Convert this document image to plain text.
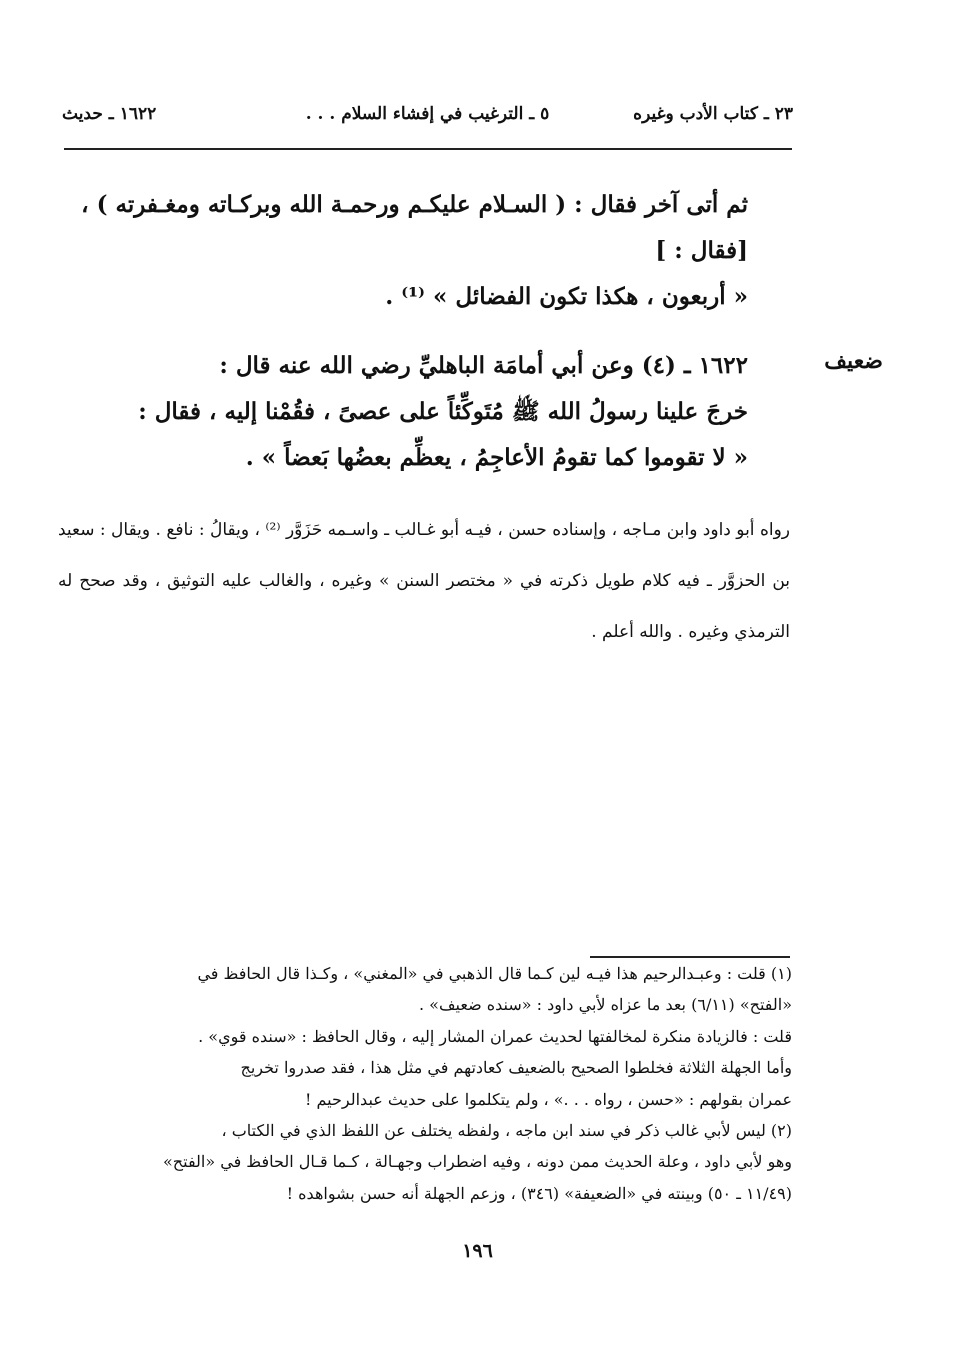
٢٣ ـ كتاب الأدب وغيره
٥ ـ الترغيب في إفشاء السلام . . .
١٦٢٢ ـ حديث
ثم أتى آخر فقال : ( السـلام عليكـم ورحمـة الله وبركـاته ومغـفرته ) ،
[فقال : ]
« أربعون ، هكذا تكون الفضائل » ⁽¹⁾ .
ضعيف
١٦٢٢ ـ (٤) وعن أبي أمامَة الباهليِّ رضي الله عنه قال :
خرجَ علينا رسولُ الله ﷺ مُتَوكِّئاً على عصىً ، فقُمْنا إليه ، فقال :
« لا تقوموا كما تقومُ الأعاجِمُ ، يعظِّم بعضُها بَعضاً » .
رواه أبو داود وابن مـاجه ، وإسناده حسن ، فيـه أبو غـالب ـ واسـمه حَزَوَّر ⁽²⁾ ، ويقالُ : نافع . ويقال : سعيد بن الحزوَّر ـ فيه كلام طويل ذكرته في « مختصر السنن » وغيره ، والغالب عليه التوثيق ، وقد صحح له الترمذي وغيره . والله أعلم .
(١) قلت : وعبـدالرحيم هذا فيـه لين كـما قال الذهبي في «المغني» ، وكـذا قال الحافظ في
«الفتح» (٦/١١) بعد ما عزاه لأبي داود : «سنده ضعيف» .
قلت : فالزيادة منكرة لمخالفتها لحديث عمران المشار إليه ، وقال الحافظ : «سنده قوي» .
وأما الجهلة الثلاثة فخلطوا الصحيح بالضعيف كعادتهم في مثل هذا ، فقد صدروا تخريج
عمران بقولهم : «حسن ، رواه . . .» ، ولم يتكلموا على حديث عبدالرحيم !
(٢) ليس لأبي غالب ذكر في سند ابن ماجه ، ولفظه يختلف عن اللفظ الذي في الكتاب ،
وهو لأبي داود ، وعلة الحديث ممن دونه ، وفيه اضطراب وجهـالة ، كـما قـال الحافظ في «الفتح»
(١١/٤٩ ـ ٥٠) وبينته في «الضعيفة» (٣٤٦) ، وزعم الجهلة أنه حسن بشواهده !
١٩٦
